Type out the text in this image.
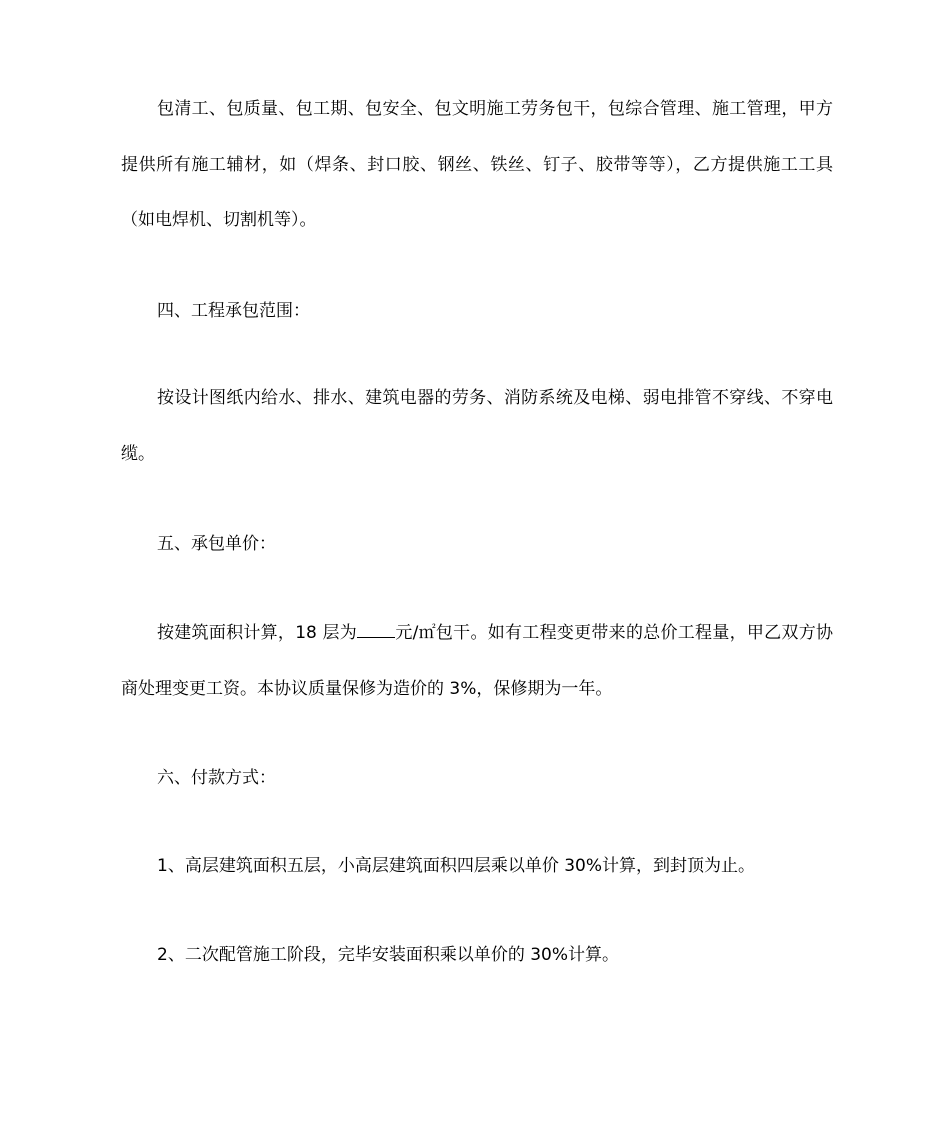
包清工、包质量、包工期、包安全、包文明施工劳务包干，包综合管理、施工管理，甲方提供所有施工辅材，如（焊条、封口胶、钢丝、铁丝、钉子、胶带等等），乙方提供施工工具（如电焊机、切割机等）。

四、工程承包范围：

按设计图纸内给水、排水、建筑电器的劳务、消防系统及电梯、弱电排管不穿线、不穿电缆。

五、承包单价：

按建筑面积计算，18 层为 元/㎡包干。如有工程变更带来的总价工程量，甲乙双方协商处理变更工资。本协议质量保修为造价的 3%，保修期为一年。

六、付款方式：

1、高层建筑面积五层，小高层建筑面积四层乘以单价 30%计算，到封顶为止。

2、二次配管施工阶段，完毕安装面积乘以单价的 30%计算。
